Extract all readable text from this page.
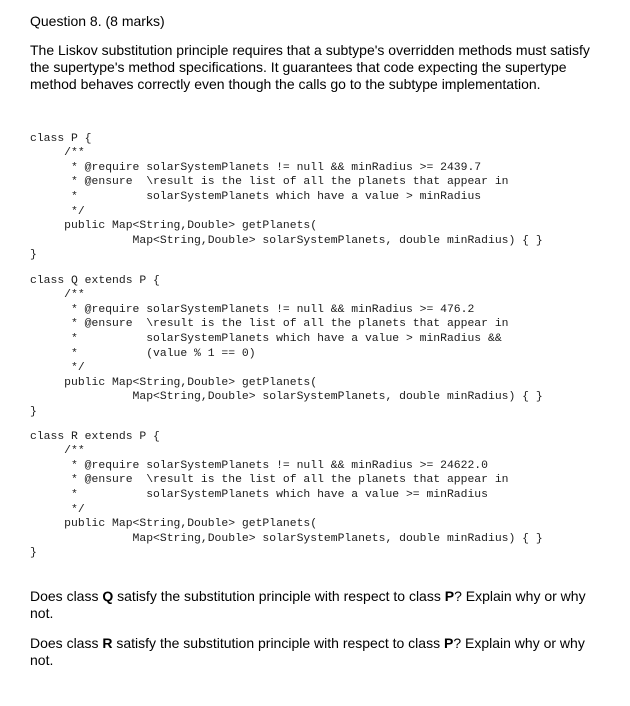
Question 8. (8 marks)
The Liskov substitution principle requires that a subtype's overridden methods must satisfy
the supertype's method specifications. It guarantees that code expecting the supertype
method behaves correctly even though the calls go to the subtype implementation.

class P {
/**
* @require solarSystemPlanets != null && minRadius >= 2439.7
* @ensure  \result is the list of all the planets that appear in
*          solarSystemPlanets which have a value > minRadius
*/
public Map<String,Double> getPlanets(
Map<String,Double> solarSystemPlanets, double minRadius) { }
}

class Q extends P {
/**
* @require solarSystemPlanets != null && minRadius >= 476.2
* @ensure  \result is the list of all the planets that appear in
*          solarSystemPlanets which have a value > minRadius &&
*          (value % 1 == 0)
*/
public Map<String,Double> getPlanets(
Map<String,Double> solarSystemPlanets, double minRadius) { }
}

class R extends P {
/**
* @require solarSystemPlanets != null && minRadius >= 24622.0
* @ensure  \result is the list of all the planets that appear in
*          solarSystemPlanets which have a value >= minRadius
*/
public Map<String,Double> getPlanets(
Map<String,Double> solarSystemPlanets, double minRadius) { }
}

Does class Q satisfy the substitution principle with respect to class P? Explain why or why
not.
Does class R satisfy the substitution principle with respect to class P? Explain why or why
not.
